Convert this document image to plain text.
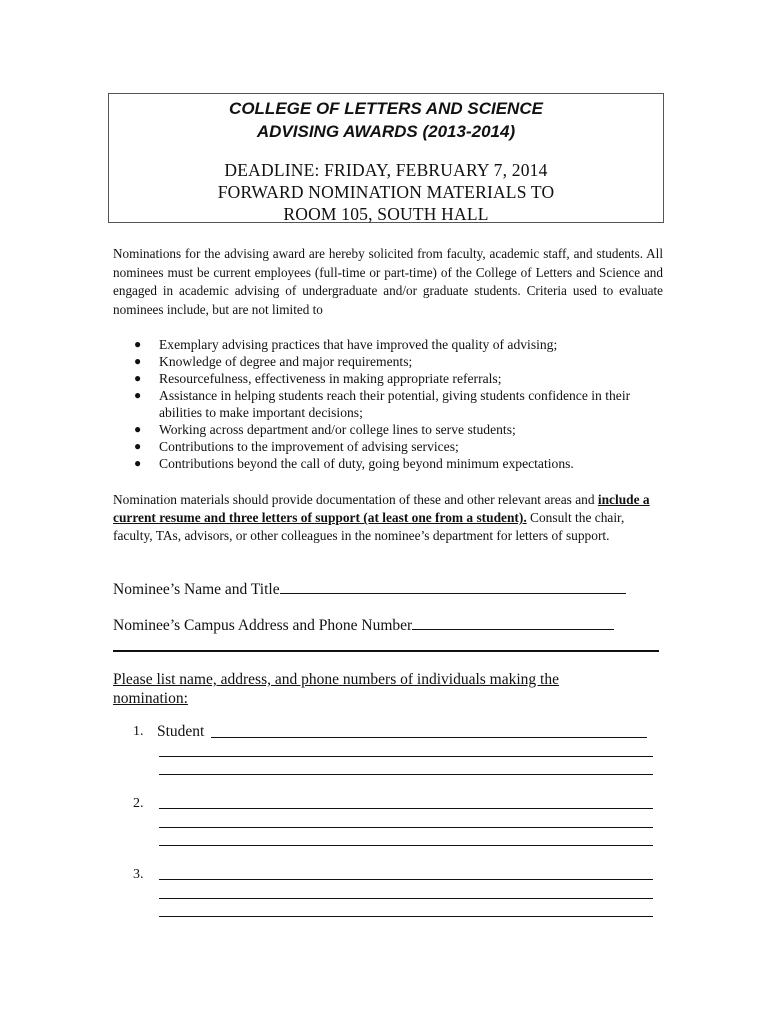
COLLEGE OF LETTERS AND SCIENCE
ADVISING AWARDS (2013-2014)
DEADLINE: FRIDAY, FEBRUARY 7, 2014
FORWARD NOMINATION MATERIALS TO
ROOM 105, SOUTH HALL

Nominations for the advising award are hereby solicited from faculty, academic staff, and students. All nominees must be current employees (full-time or part-time) of the College of Letters and Science and engaged in academic advising of undergraduate and/or graduate students. Criteria used to evaluate nominees include, but are not limited to

● Exemplary advising practices that have improved the quality of advising;
● Knowledge of degree and major requirements;
● Resourcefulness, effectiveness in making appropriate referrals;
● Assistance in helping students reach their potential, giving students confidence in their abilities to make important decisions;
● Working across department and/or college lines to serve students;
● Contributions to the improvement of advising services;
● Contributions beyond the call of duty, going beyond minimum expectations.

Nomination materials should provide documentation of these and other relevant areas and include a current resume and three letters of support (at least one from a student). Consult the chair, faculty, TAs, advisors, or other colleagues in the nominee’s department for letters of support.

Nominee’s Name and Title
Nominee’s Campus Address and Phone Number

Please list name, address, and phone numbers of individuals making the nomination:

1. Student
2.
3.
